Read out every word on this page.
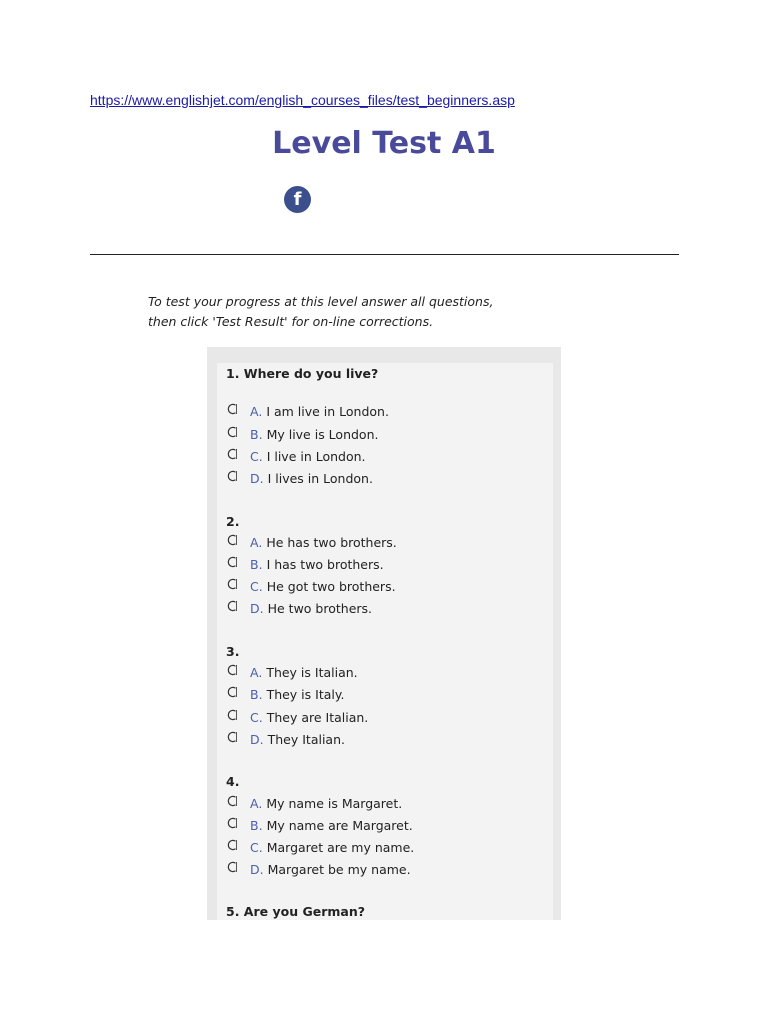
https://www.englishjet.com/english_courses_files/test_beginners.asp
Level Test A1
f
To test your progress at this level answer all questions,
then click 'Test Result' for on-line corrections.
1. Where do you live?
A. I am live in London.
B. My live is London.
C. I live in London.
D. I lives in London.
2.
A. He has two brothers.
B. I has two brothers.
C. He got two brothers.
D. He two brothers.
3.
A. They is Italian.
B. They is Italy.
C. They are Italian.
D. They Italian.
4.
A. My name is Margaret.
B. My name are Margaret.
C. Margaret are my name.
D. Margaret be my name.
5. Are you German?
